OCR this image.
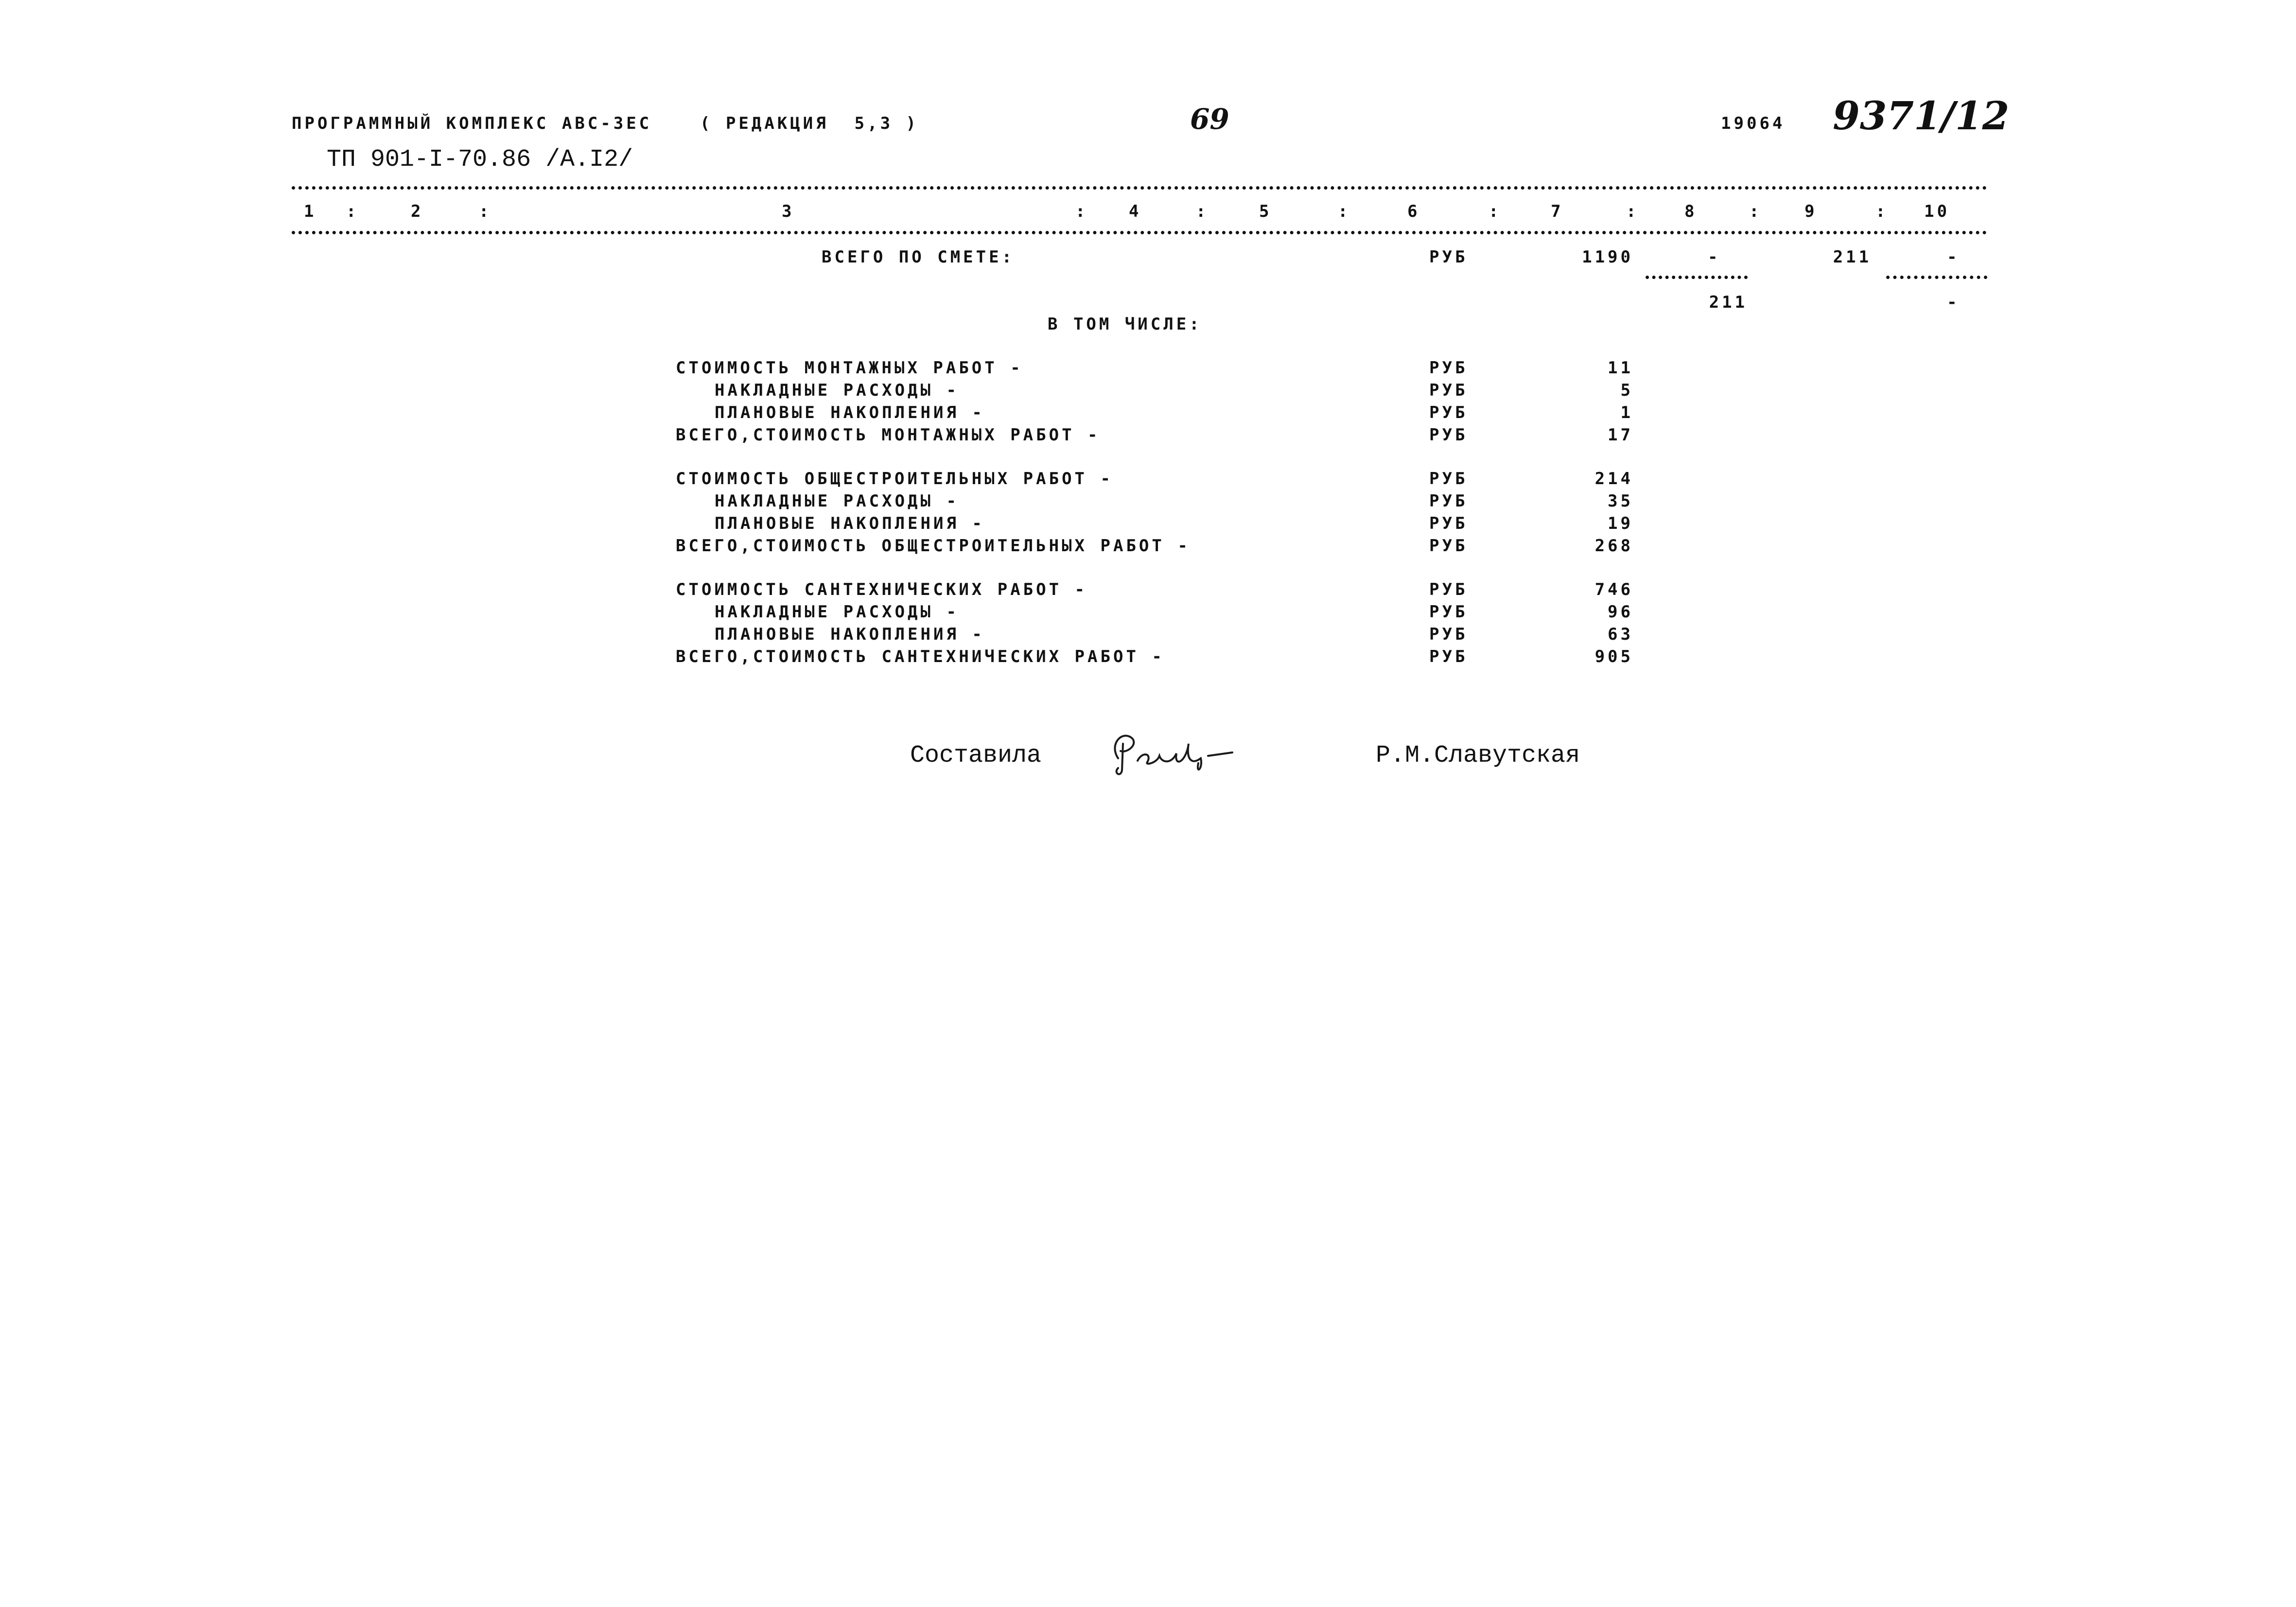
ПРОГРАММНЫЙ КОМПЛЕКС АВС-3ЕС	( РЕДАКЦИЯ  5,3 )	69	19064 9371/12
ТП 901-I-70.86 /А.I2/
1 :	2	:	3	: 4	:	5	:	6	:	7	:	8	:	9	: 10
ВСЕГО ПО СМЕТЕ:	РУБ	1190	-	211	-
211	-
В ТОМ ЧИСЛЕ:
СТОИМОСТЬ МОНТАЖНЫХ РАБОТ -	РУБ	11
НАКЛАДНЫЕ РАСХОДЫ -	РУБ	5
ПЛАНОВЫЕ НАКОПЛЕНИЯ -	РУБ	1
ВСЕГО,СТОИМОСТЬ МОНТАЖНЫХ РАБОТ -	РУБ	17
СТОИМОСТЬ ОБЩЕСТРОИТЕЛЬНЫХ РАБОТ -	РУБ	214
НАКЛАДНЫЕ РАСХОДЫ -	РУБ	35
ПЛАНОВЫЕ НАКОПЛЕНИЯ -	РУБ	19
ВСЕГО,СТОИМОСТЬ ОБЩЕСТРОИТЕЛЬНЫХ РАБОТ -	РУБ	268
СТОИМОСТЬ САНТЕХНИЧЕСКИХ РАБОТ -	РУБ	746
НАКЛАДНЫЕ РАСХОДЫ -	РУБ	96
ПЛАНОВЫЕ НАКОПЛЕНИЯ -	РУБ	63
ВСЕГО,СТОИМОСТЬ САНТЕХНИЧЕСКИХ РАБОТ -	РУБ	905
Составила	Р.М.Славутская
